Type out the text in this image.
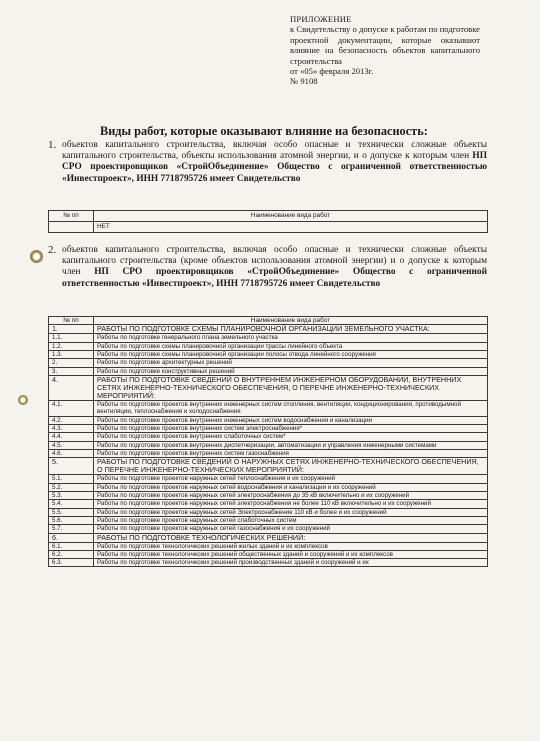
ПРИЛОЖЕНИЕ
к Свидетельству о допуске к работам по подготовке проектной документации, которые оказывают влияние на безопасность объектов капитального строительства
от «05» февраля 2013г.
№ 9108
Виды работ, которые оказывают влияние на безопасность:
1. объектов капитального строительства, включая особо опасные и технически сложные объекты капитального строительства, объекты использования атомной энергии, и о допуске к которым член НП СРО проектировщиков «СтройОбъединение» Общество с ограниченной ответственностью «Инвестпроект», ИНН 7718795726 имеет Свидетельство
№ пп	Наименование вида работ
	НЕТ
2. объектов капитального строительства, включая особо опасные и технически сложные объекты капитального строительства (кроме объектов использования атомной энергии) и о допуске к которым член НП СРО проектировщиков «СтройОбъединение» Общество с ограниченной ответственностью «Инвестпроект», ИНН 7718795726 имеет Свидетельство
№ пп	Наименование вида работ
1.	РАБОТЫ ПО ПОДГОТОВКЕ СХЕМЫ ПЛАНИРОВОЧНОЙ ОРГАНИЗАЦИИ ЗЕМЕЛЬНОГО УЧАСТКА:
1.1.	Работы по подготовке генерального плана земельного участка
1.2.	Работы по подготовке схемы планировочной организации трассы линейного объекта
1.3.	Работы по подготовке схемы планировочной организации полосы отвода линейного сооружения
2.	Работы по подготовке архитектурных решений
3.	Работы по подготовке конструктивных решений
4.	РАБОТЫ ПО ПОДГОТОВКЕ СВЕДЕНИЙ О ВНУТРЕННЕМ ИНЖЕНЕРНОМ ОБОРУДОВАНИИ, ВНУТРЕННИХ СЕТЯХ ИНЖЕНЕРНО-ТЕХНИЧЕСКОГО ОБЕСПЕЧЕНИЯ, О ПЕРЕЧНЕ ИНЖЕНЕРНО-ТЕХНИЧЕСКИХ МЕРОПРИЯТИЙ:
4.1.	Работы по подготовке проектов внутренних инженерных систем отопления, вентиляции, кондиционирования, противодымной вентиляции, теплоснабжения и холодоснабжения
4.2.	Работы по подготовке проектов внутренних инженерных систем водоснабжения и канализации
4.3.	Работы по подготовке проектов внутренних систем электроснабжения*
4.4.	Работы по подготовке проектов внутренних слаботочных систем*
4.5.	Работы по подготовке проектов внутренних диспетчеризации, автоматизации и управления инженерными системами
4.6.	Работы по подготовке проектов внутренних систем газоснабжения
5.	РАБОТЫ ПО ПОДГОТОВКЕ СВЕДЕНИЙ О НАРУЖНЫХ СЕТЯХ ИНЖЕНЕРНО-ТЕХНИЧЕСКОГО ОБЕСПЕЧЕНИЯ, О ПЕРЕЧНЕ ИНЖЕНЕРНО-ТЕХНИЧЕСКИХ МЕРОПРИЯТИЙ:
5.1.	Работы по подготовке проектов наружных сетей теплоснабжения и их сооружений
5.2.	Работы по подготовке проектов наружных сетей водоснабжения и канализации и их сооружений
5.3.	Работы по подготовке проектов наружных сетей электроснабжения до 35 кВ включительно и их сооружений
5.4.	Работы по подготовке проектов наружных сетей электроснабжения не более 110 кВ включительно и их сооружений
5.5.	Работы по подготовке проектов наружных сетей Электроснабжение 110 кВ и более и их сооружений
5.6.	Работы по подготовке проектов наружных сетей слаботочных систем
5.7.	Работы по подготовке проектов наружных сетей газоснабжения и их сооружений
6.	РАБОТЫ ПО ПОДГОТОВКЕ ТЕХНОЛОГИЧЕСКИХ РЕШЕНИЙ:
6.1.	Работы по подготовке технологических решений жилых зданий и их комплексов
6.2.	Работы по подготовке технологических решений общественных зданий и сооружений и их комплексов
6.3.	Работы по подготовке технологических решений производственных зданий и сооружений и их
